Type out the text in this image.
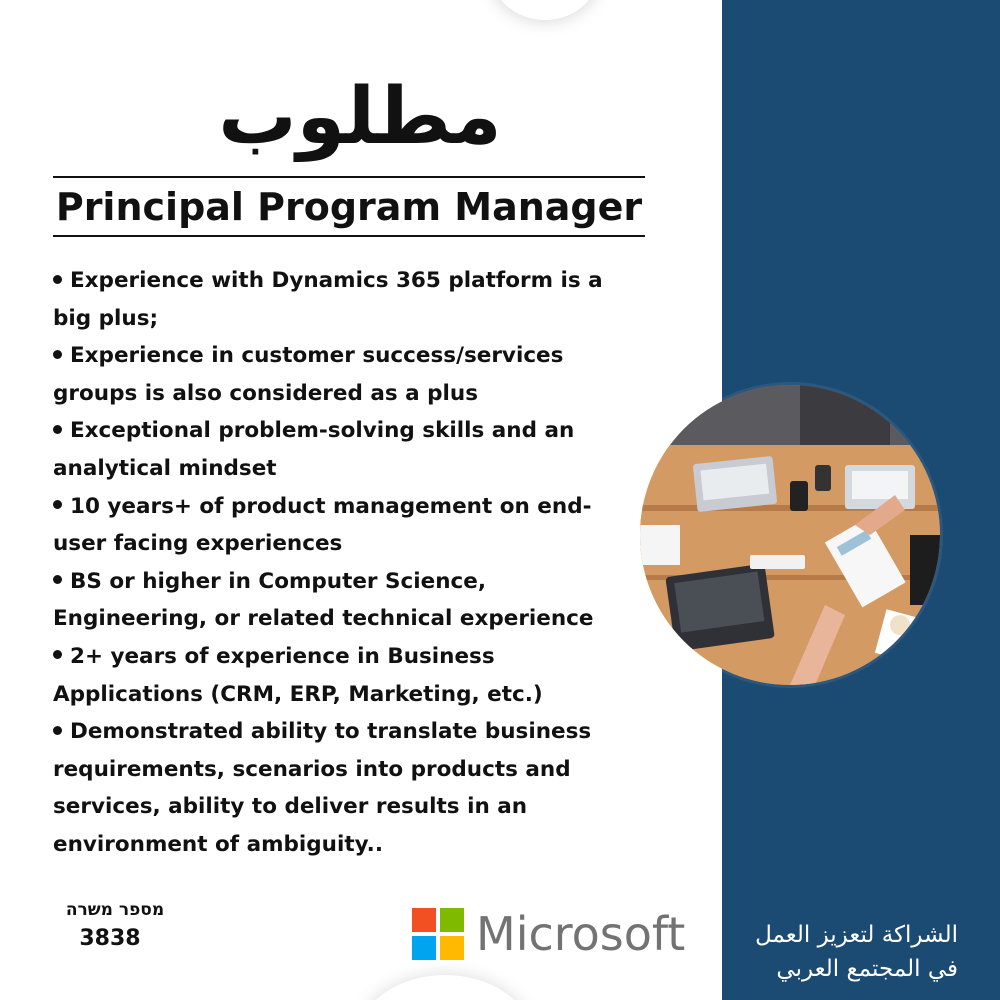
مطلوب
Principal Program Manager
Experience with Dynamics 365 platform is a big plus;
Experience in customer success/services groups is also considered as a plus
Exceptional problem-solving skills and an analytical mindset
10 years+ of product management on end-user facing experiences
BS or higher in Computer Science, Engineering, or related technical experience
2+ years of experience in Business Applications (CRM, ERP, Marketing, etc.)
Demonstrated ability to translate business requirements, scenarios into products and services, ability to deliver results in an environment of ambiguity..
מספר משרה
3838	Microsoft	الشراكة لتعزيز العمل
في المجتمع العربي
